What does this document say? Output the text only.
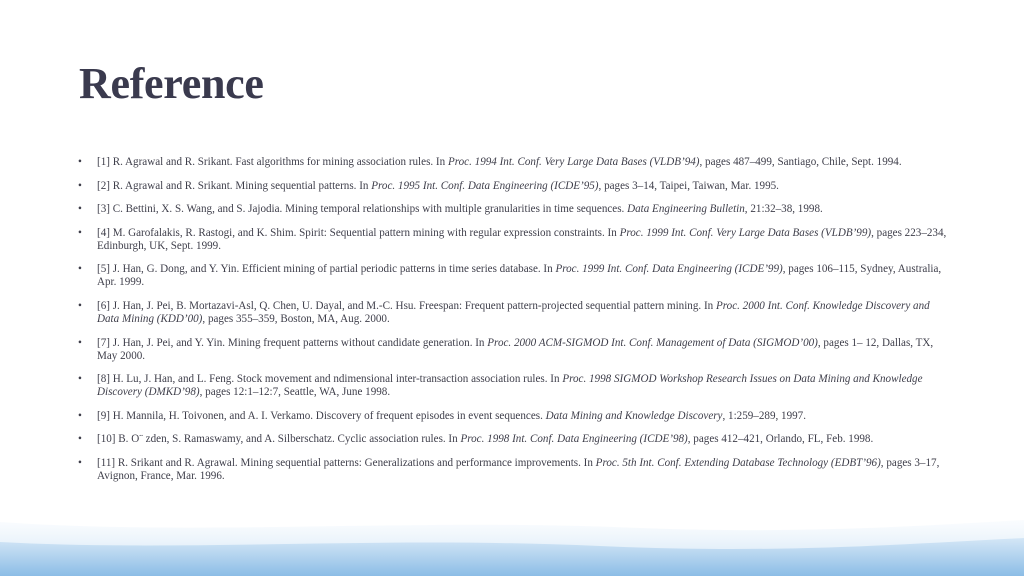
Reference
• [1] R. Agrawal and R. Srikant. Fast algorithms for mining association rules. In Proc. 1994 Int. Conf. Very Large Data Bases (VLDB’94), pages 487–499, Santiago, Chile, Sept. 1994.
• [2] R. Agrawal and R. Srikant. Mining sequential patterns. In Proc. 1995 Int. Conf. Data Engineering (ICDE’95), pages 3–14, Taipei, Taiwan, Mar. 1995.
• [3] C. Bettini, X. S. Wang, and S. Jajodia. Mining temporal relationships with multiple granularities in time sequences. Data Engineering Bulletin, 21:32–38, 1998.
• [4] M. Garofalakis, R. Rastogi, and K. Shim. Spirit: Sequential pattern mining with regular expression constraints. In Proc. 1999 Int. Conf. Very Large Data Bases (VLDB’99), pages 223–234, Edinburgh, UK, Sept. 1999.
• [5] J. Han, G. Dong, and Y. Yin. Efficient mining of partial periodic patterns in time series database. In Proc. 1999 Int. Conf. Data Engineering (ICDE’99), pages 106–115, Sydney, Australia, Apr. 1999.
• [6] J. Han, J. Pei, B. Mortazavi-Asl, Q. Chen, U. Dayal, and M.-C. Hsu. Freespan: Frequent pattern-projected sequential pattern mining. In Proc. 2000 Int. Conf. Knowledge Discovery and Data Mining (KDD’00), pages 355–359, Boston, MA, Aug. 2000.
• [7] J. Han, J. Pei, and Y. Yin. Mining frequent patterns without candidate generation. In Proc. 2000 ACM-SIGMOD Int. Conf. Management of Data (SIGMOD’00), pages 1– 12, Dallas, TX, May 2000.
• [8] H. Lu, J. Han, and L. Feng. Stock movement and ndimensional inter-transaction association rules. In Proc. 1998 SIGMOD Workshop Research Issues on Data Mining and Knowledge Discovery (DMKD’98), pages 12:1–12:7, Seattle, WA, June 1998.
• [9] H. Mannila, H. Toivonen, and A. I. Verkamo. Discovery of frequent episodes in event sequences. Data Mining and Knowledge Discovery, 1:259–289, 1997.
• [10] B. O¨ zden, S. Ramaswamy, and A. Silberschatz. Cyclic association rules. In Proc. 1998 Int. Conf. Data Engineering (ICDE’98), pages 412–421, Orlando, FL, Feb. 1998.
• [11] R. Srikant and R. Agrawal. Mining sequential patterns: Generalizations and performance improvements. In Proc. 5th Int. Conf. Extending Database Technology (EDBT’96), pages 3–17, Avignon, France, Mar. 1996.
